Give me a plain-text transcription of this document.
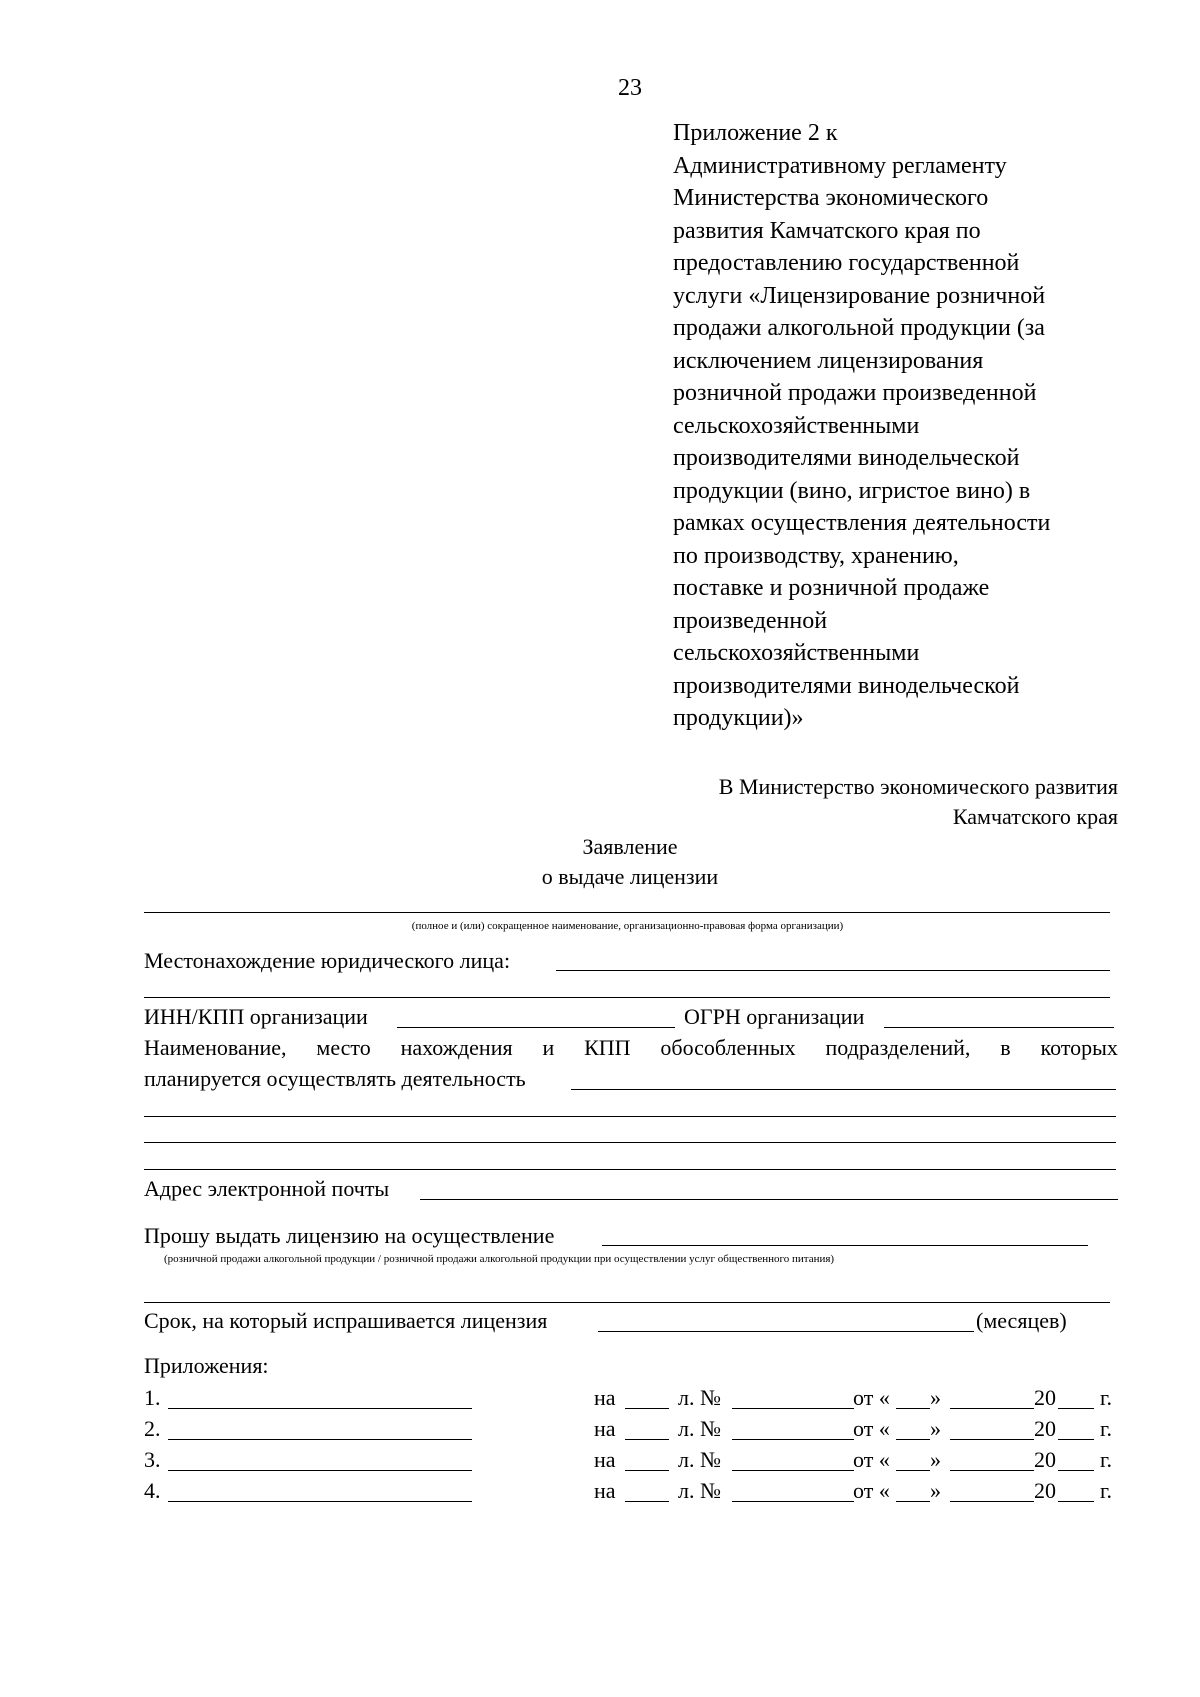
23
Приложение 2 к
Административному регламенту
Министерства экономического
развития Камчатского края по
предоставлению государственной
услуги «Лицензирование розничной
продажи алкогольной продукции (за
исключением лицензирования
розничной продажи произведенной
сельскохозяйственными
производителями винодельческой
продукции (вино, игристое вино) в
рамках осуществления деятельности
по производству, хранению,
поставке и розничной продаже
произведенной
сельскохозяйственными
производителями винодельческой
продукции)»
В Министерство экономического развития
Камчатского края
Заявление
о выдаче лицензии
(полное и (или) сокращенное наименование, организационно-правовая форма организации)
Местонахождение юридического лица:
ИНН/КПП организации	ОГРН организации
Наименование, место нахождения и КПП обособленных подразделений, в которых
планируется осуществлять деятельность
Адрес электронной почты
Прошу выдать лицензию на осуществление
(розничной продажи алкогольной продукции / розничной продажи алкогольной продукции при осуществлении услуг общественного питания)
Срок, на который испрашивается лицензия	(месяцев)
Приложения:
1.	на	л. №	от « »	20 г.
2.	на	л. №	от « »	20 г.
3.	на	л. №	от « »	20 г.
4.	на	л. №	от « »	20 г.
